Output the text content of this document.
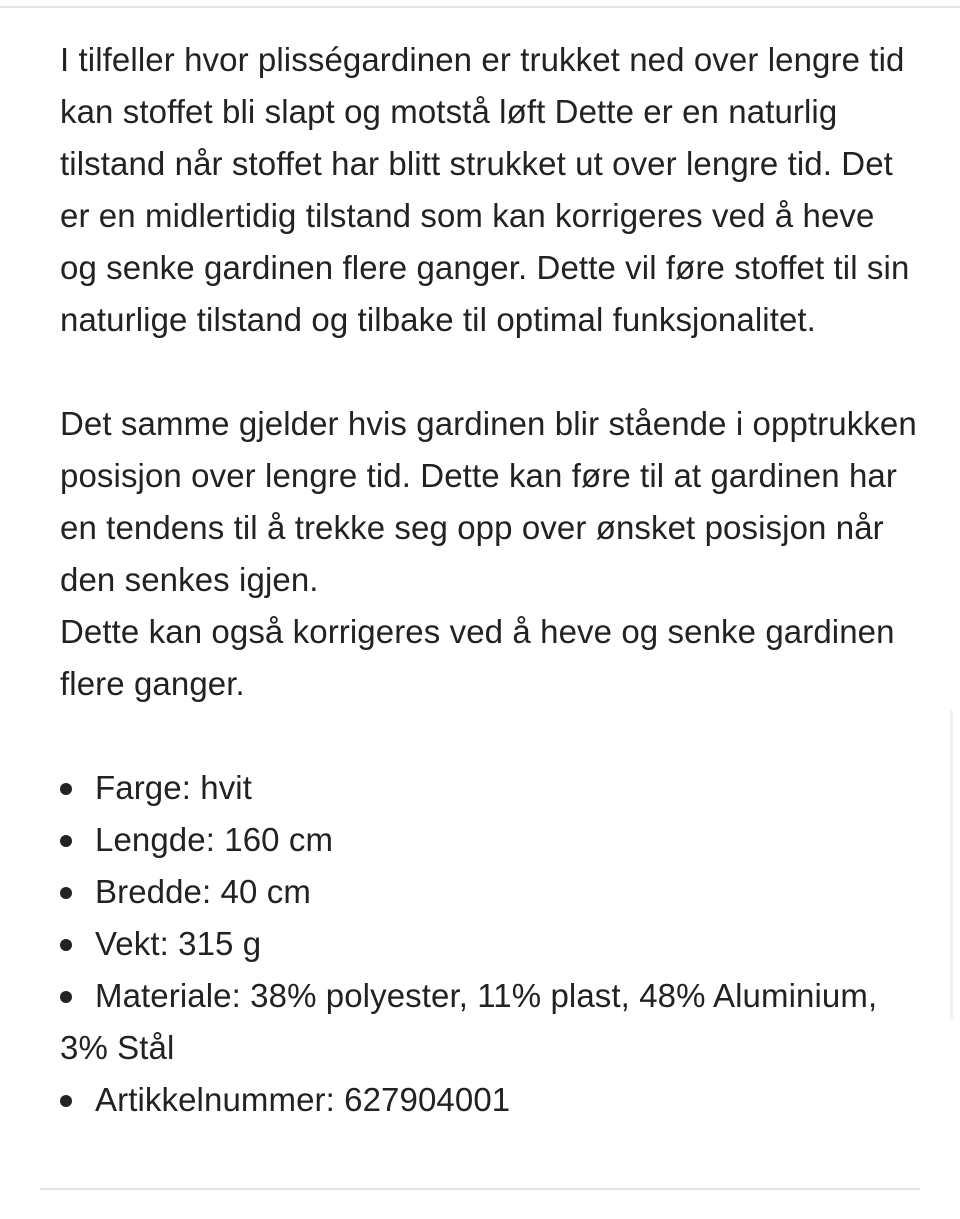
I tilfeller hvor plisségardinen er trukket ned over lengre tid kan stoffet bli slapt og motstå løft Dette er en naturlig tilstand når stoffet har blitt strukket ut over lengre tid. Det er en midlertidig tilstand som kan korrigeres ved å heve og senke gardinen flere ganger. Dette vil føre stoffet til sin naturlige tilstand og tilbake til optimal funksjonalitet.

Det samme gjelder hvis gardinen blir stående i opptrukken posisjon over lengre tid. Dette kan føre til at gardinen har en tendens til å trekke seg opp over ønsket posisjon når den senkes igjen.

Dette kan også korrigeres ved å heve og senke gardinen flere ganger.

Farge: hvit
Lengde: 160 cm
Bredde: 40 cm
Vekt: 315 g
Materiale: 38% polyester, 11% plast, 48% Aluminium, 3% Stål
Artikkelnummer: 627904001
